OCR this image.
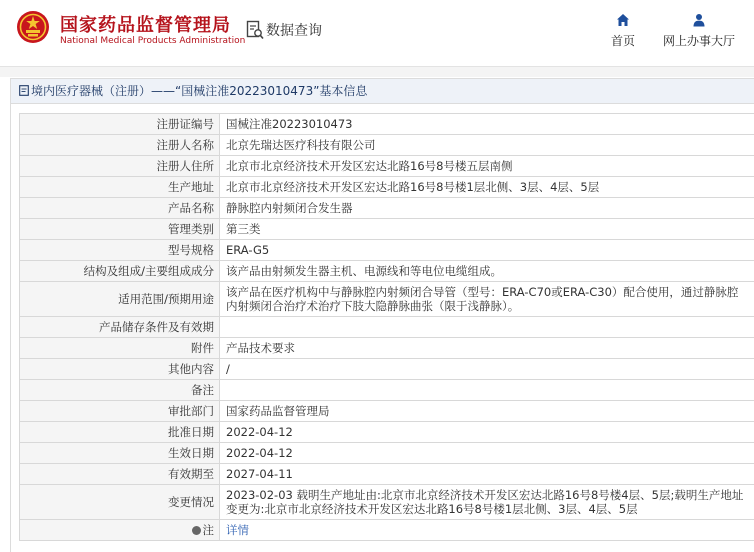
国家药品监督管理局
National Medical Products Administration
数据查询
首页	网上办事大厅
境内医疗器械（注册）——“国械注准20223010473”基本信息
注册证编号	国械注准20223010473
注册人名称	北京先瑞达医疗科技有限公司
注册人住所	北京市北京经济技术开发区宏达北路16号8号楼五层南侧
生产地址	北京市北京经济技术开发区宏达北路16号8号楼1层北侧、3层、4层、5层
产品名称	静脉腔内射频闭合发生器
管理类别	第三类
型号规格	ERA-G5
结构及组成/主要组成成分	该产品由射频发生器主机、电源线和等电位电缆组成。
适用范围/预期用途	该产品在医疗机构中与静脉腔内射频闭合导管（型号：ERA-C70或ERA-C30）配合使用，通过静脉腔内射频闭合治疗术治疗下肢大隐静脉曲张（限于浅静脉）。
产品储存条件及有效期	
附件	产品技术要求
其他内容	/
备注	
审批部门	国家药品监督管理局
批准日期	2022-04-12
生效日期	2022-04-12
有效期至	2027-04-11
变更情况	2023-02-03 载明生产地址由:北京市北京经济技术开发区宏达北路16号8号楼4层、5层;载明生产地址变更为:北京市北京经济技术开发区宏达北路16号8号楼1层北侧、3层、4层、5层
注	详情
